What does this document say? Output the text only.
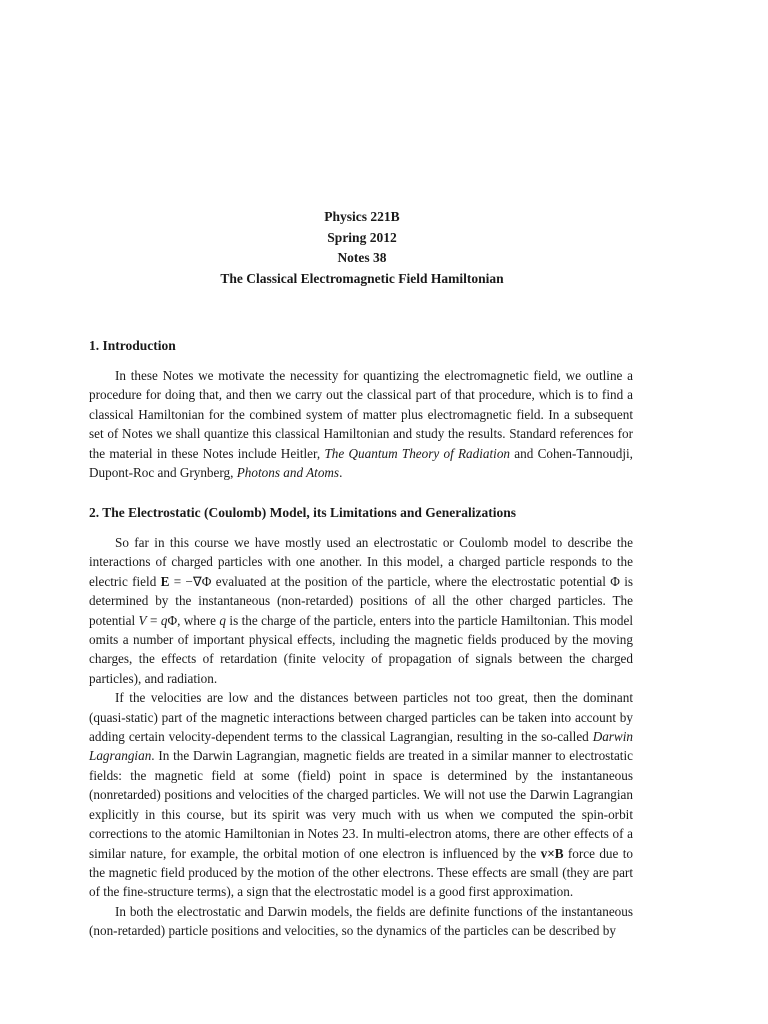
Physics 221B
Spring 2012
Notes 38
The Classical Electromagnetic Field Hamiltonian

1. Introduction

In these Notes we motivate the necessity for quantizing the electromagnetic field, we outline a procedure for doing that, and then we carry out the classical part of that procedure, which is to find a classical Hamiltonian for the combined system of matter plus electromagnetic field. In a subsequent set of Notes we shall quantize this classical Hamiltonian and study the results. Standard references for the material in these Notes include Heitler, The Quantum Theory of Radiation and Cohen-Tannoudji, Dupont-Roc and Grynberg, Photons and Atoms.

2. The Electrostatic (Coulomb) Model, its Limitations and Generalizations

So far in this course we have mostly used an electrostatic or Coulomb model to describe the interactions of charged particles with one another. In this model, a charged particle responds to the electric field E = −∇Φ evaluated at the position of the particle, where the electrostatic potential Φ is determined by the instantaneous (non-retarded) positions of all the other charged particles. The potential V = qΦ, where q is the charge of the particle, enters into the particle Hamiltonian. This model omits a number of important physical effects, including the magnetic fields produced by the moving charges, the effects of retardation (finite velocity of propagation of signals between the charged particles), and radiation.

If the velocities are low and the distances between particles not too great, then the dominant (quasi-static) part of the magnetic interactions between charged particles can be taken into account by adding certain velocity-dependent terms to the classical Lagrangian, resulting in the so-called Darwin Lagrangian. In the Darwin Lagrangian, magnetic fields are treated in a similar manner to electrostatic fields: the magnetic field at some (field) point in space is determined by the instantaneous (nonretarded) positions and velocities of the charged particles. We will not use the Darwin Lagrangian explicitly in this course, but its spirit was very much with us when we computed the spin-orbit corrections to the atomic Hamiltonian in Notes 23. In multi-electron atoms, there are other effects of a similar nature, for example, the orbital motion of one electron is influenced by the v×B force due to the magnetic field produced by the motion of the other electrons. These effects are small (they are part of the fine-structure terms), a sign that the electrostatic model is a good first approximation.

In both the electrostatic and Darwin models, the fields are definite functions of the instantaneous (non-retarded) particle positions and velocities, so the dynamics of the particles can be described by
